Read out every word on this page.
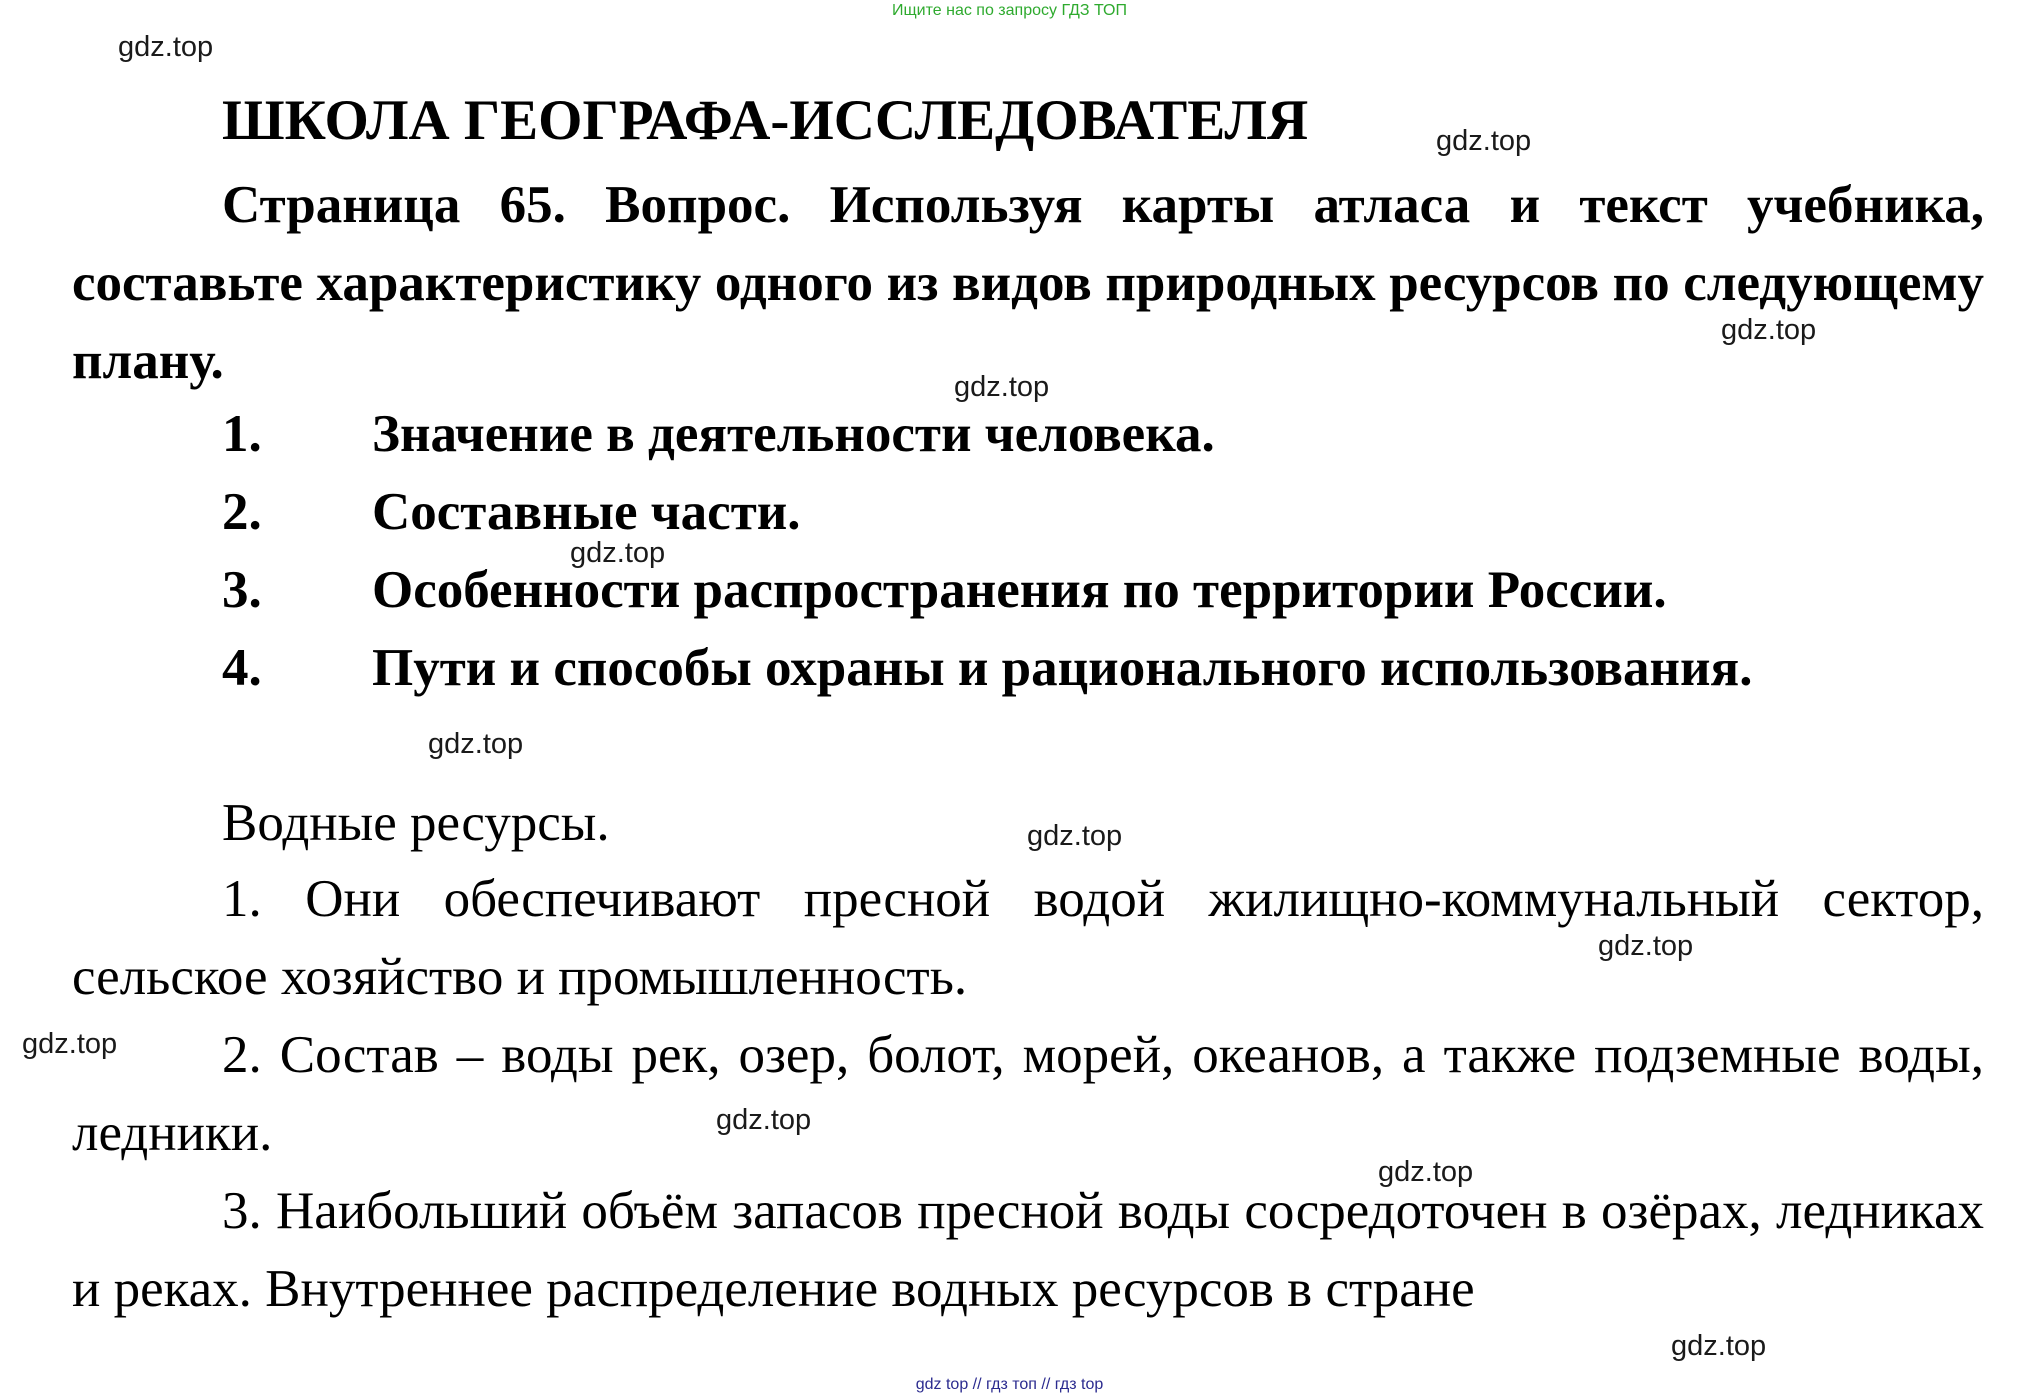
Ищите нас по запросу ГДЗ ТОП
ШКОЛА ГЕОГРАФА-ИССЛЕДОВАТЕЛЯ
Страница 65. Вопрос. Используя карты атласа и текст учебника, составьте характеристику одного из видов природных ресурсов по следующему плану.
1. Значение в деятельности человека.
2. Составные части.
3. Особенности распространения по территории России.
4. Пути и способы охраны и рационального использования.
Водные ресурсы.
1. Они обеспечивают пресной водой жилищно-коммунальный сектор, сельское хозяйство и промышленность.
2. Состав – воды рек, озер, болот, морей, океанов, а также подземные воды, ледники.
3. Наибольший объём запасов пресной воды сосредоточен в озёрах, ледниках и реках. Внутреннее распределение водных ресурсов в стране
gdz.top
gdz.top
gdz.top
gdz.top
gdz.top
gdz.top
gdz.top
gdz.top
gdz.top
gdz.top
gdz.top
gdz.top
gdz top // гдз топ // гдз top
